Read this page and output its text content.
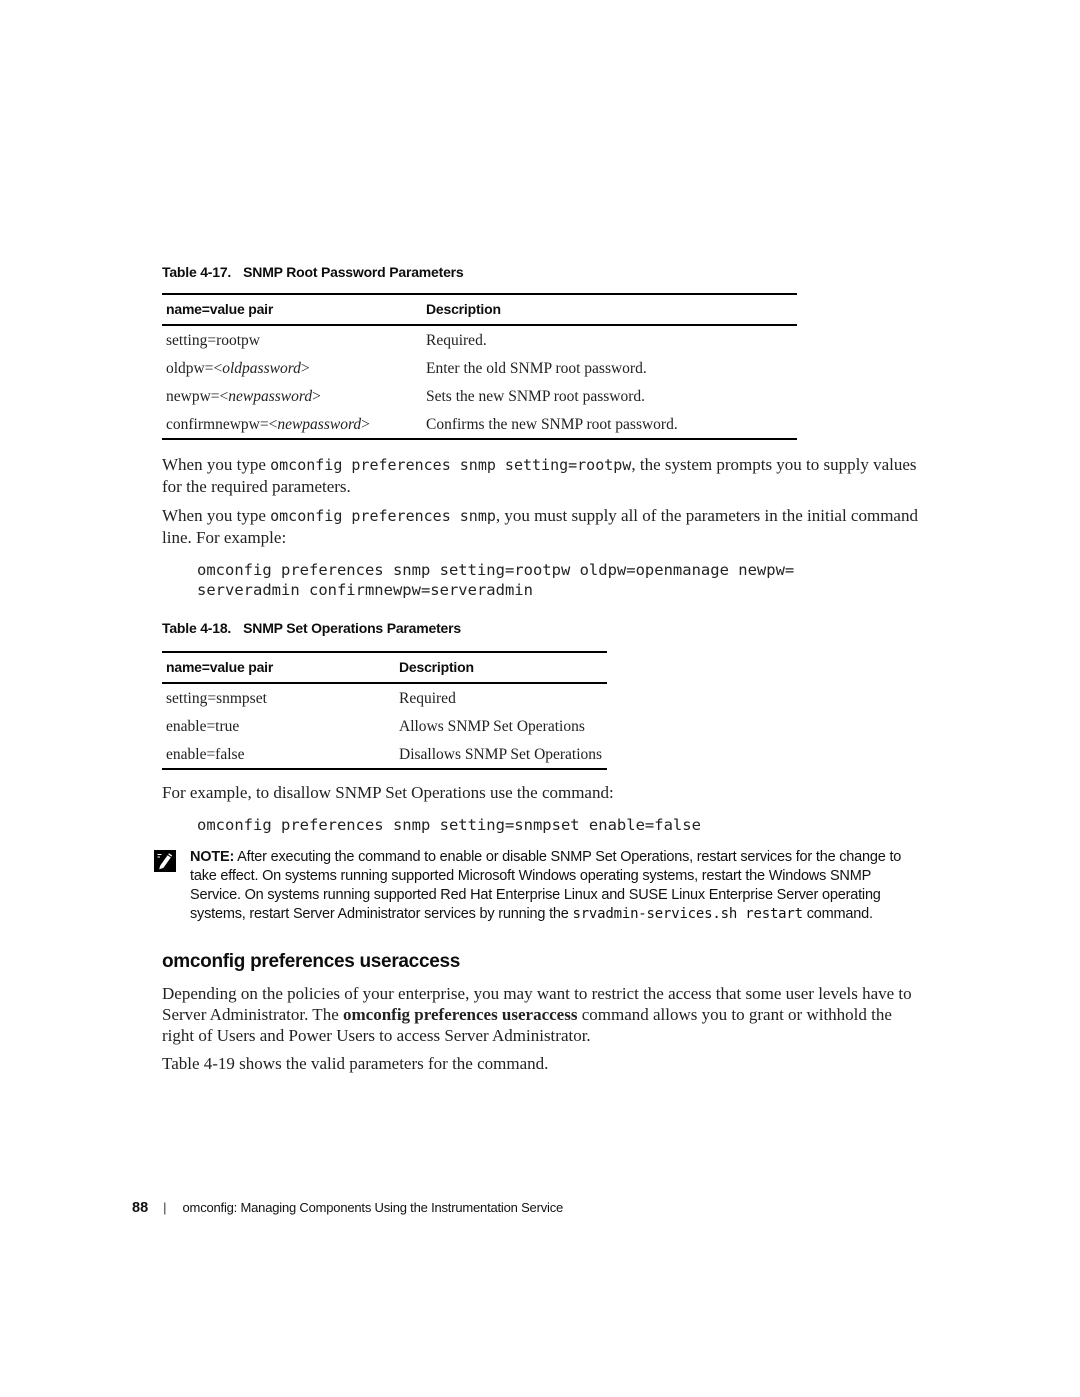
Table 4-17. SNMP Root Password Parameters
name=value pair	Description
setting=rootpw	Required.
oldpw=<oldpassword>	Enter the old SNMP root password.
newpw=<newpassword>	Sets the new SNMP root password.
confirmnewpw=<newpassword>	Confirms the new SNMP root password.

When you type omconfig preferences snmp setting=rootpw, the system prompts you to supply values for the required parameters.

When you type omconfig preferences snmp, you must supply all of the parameters in the initial command line. For example:

omconfig preferences snmp setting=rootpw oldpw=openmanage newpw=
serveradmin confirmnewpw=serveradmin
Table 4-18. SNMP Set Operations Parameters
name=value pair	Description
setting=snmpset	Required
enable=true	Allows SNMP Set Operations
enable=false	Disallows SNMP Set Operations

For example, to disallow SNMP Set Operations use the command:

omconfig preferences snmp setting=snmpset enable=false
NOTE: After executing the command to enable or disable SNMP Set Operations, restart services for the change to take effect. On systems running supported Microsoft Windows operating systems, restart the Windows SNMP Service. On systems running supported Red Hat Enterprise Linux and SUSE Linux Enterprise Server operating systems, restart Server Administrator services by running the srvadmin-services.sh restart command.
omconfig preferences useraccess

Depending on the policies of your enterprise, you may want to restrict the access that some user levels have to Server Administrator. The omconfig preferences useraccess command allows you to grant or withhold the right of Users and Power Users to access Server Administrator.

Table 4-19 shows the valid parameters for the command.

88 | omconfig: Managing Components Using the Instrumentation Service
